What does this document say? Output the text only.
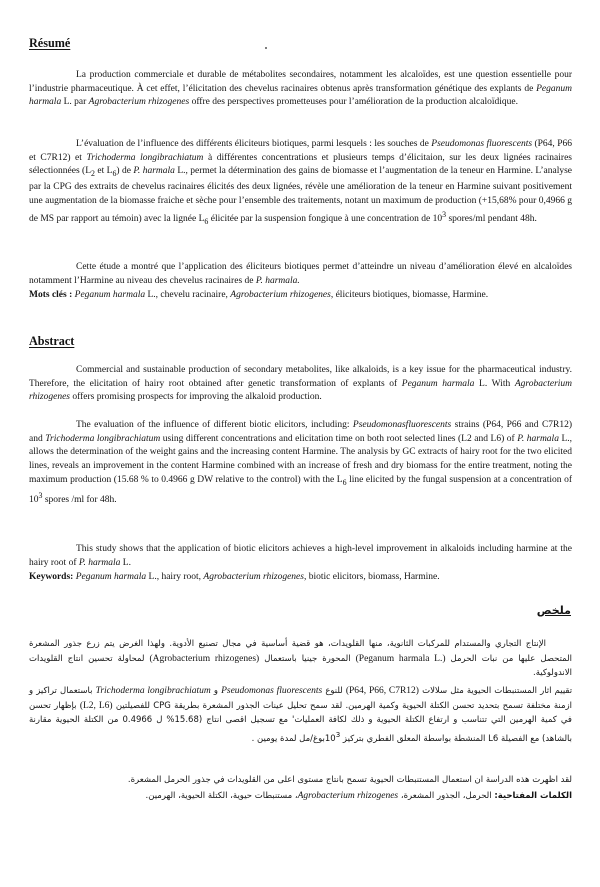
Résumé

La production commerciale et durable de métabolites secondaires, notamment les alcaloïdes, est une question essentielle pour l’industrie pharmaceutique. À cet effet, l’élicitation des chevelus racinaires obtenus après transformation génétique des explants de Peganum harmala L. par Agrobacterium rhizogenes offre des perspectives prometteuses pour l’amélioration de la production alcaloïdique.

L’évaluation de l’influence des différents éliciteurs biotiques, parmi lesquels : les souches de Pseudomonas fluorescents (P64, P66 et C7R12) et Trichoderma longibrachiatum à différentes concentrations et plusieurs temps d’élicitaion, sur les deux lignées racinaires sélectionnées ($L_2$ et $L_6$) de P. harmala L., permet la détermination des gains de biomasse et l’augmentation de la teneur en Harmine. L’analyse par la CPG des extraits de chevelus racinaires élicités des deux lignées, révèle une amélioration de la teneur en Harmine suivant positivement une augmentation de la biomasse fraiche et sèche pour l’ensemble des traitements, notant un maximum de production (+15,68% pour 0,4966 g de MS par rapport au témoin) avec la lignée $L_6$ élicitée par la suspension fongique à une concentration de $10^3$ spores/ml pendant 48h.

Cette étude a montré que l’application des éliciteurs biotiques permet d’atteindre un niveau d’amélioration élevé en alcaloïdes notamment l’Harmine au niveau des chevelus racinaires de P. harmala.

Mots clés : Peganum harmala L., chevelu racinaire, Agrobacterium rhizogenes, éliciteurs biotiques, biomasse, Harmine.

Abstract

Commercial and sustainable production of secondary metabolites, like alkaloids, is a key issue for the pharmaceutical industry. Therefore, the elicitation of hairy root obtained after genetic transformation of explants of Peganum harmala L. With Agrobacterium rhizogenes offers promising prospects for improving the alkaloid production.

The evaluation of the influence of different biotic elicitors, including: Pseudomonasfluorescents strains (P64, P66 and C7R12) and Trichoderma longibrachiatum using different concentrations and elicitation time on both root selected lines (L2 and L6) of P. harmala L., allows the determination of the weight gains and the increasing content Harmine. The analysis by GC extracts of hairy root for the two elicited lines, reveals an improvement in the content Harmine combined with an increase of fresh and dry biomass for the entire treatment, noting the maximum production (15.68 % to 0.4966 g DW relative to the control) with the $L_6$ line elicited by the fungal suspension at a concentration of $10^3$ spores /ml for 48h.

This study shows that the application of biotic elicitors achieves a high-level improvement in alkaloids including harmine at the hairy root of P. harmala L.

Keywords: Peganum harmala L., hairy root, Agrobacterium rhizogenes, biotic elicitors, biomass, Harmine.

ملخص

الإنتاج التجاري والمستدام للمركبات الثانوية، منها القلويدات، هو قضية أساسية في مجال تصنيع الأدوية. ولهذا الغرض يتم زرع جذور المشعرة المتحصل عليها من نبات الحرمل (Peganum harmala L.) المحورة جينيا باستعمال (Agrobacterium rhizogenes) لمحاولة تحسين انتاج القلويدات الاندولوكية.

تقييم اثار المستنبطات الحيوية مثل سلالات (P64, P66, C7R12) للنوع Pseudomonas fluorescents و Trichoderma longibrachiatum باستعمال تراكيز و ازمنة مختلفة تسمح بتحديد تحسن الكتلة الحيوية وكمية الهرمين. لقد سمح تحليل عينات الجذور المشعرة بطريقة CPG للفصيلتين (L2, L6) بإظهار تحسن في كمية الهرمين التي تتناسب و ارتفاع الكتلة الحيوية و ذلك لكافة العمليات' مع تسجيل اقصى انتاج (15.68% ل 0.4966 من الكتلة الحيوية مقارنة بالشاهد) مع الفصيلة L6 المنشطة بواسطة المعلق الفطري بتركيز $10^3بوغ/مل$ لمدة يومين .

لقد اظهرت هذه الدراسة ان استعمال المستنبطات الحيوية تسمح بانتاج مستوى اعلى من القلويدات في جذور الحرمل المشعرة.

الكلمات المفتاحية: الحرمل، الجذور المشعرة، Agrobacterium rhizogenes، مستنبطات حيوية، الكتلة الحيوية، الهرمين.
